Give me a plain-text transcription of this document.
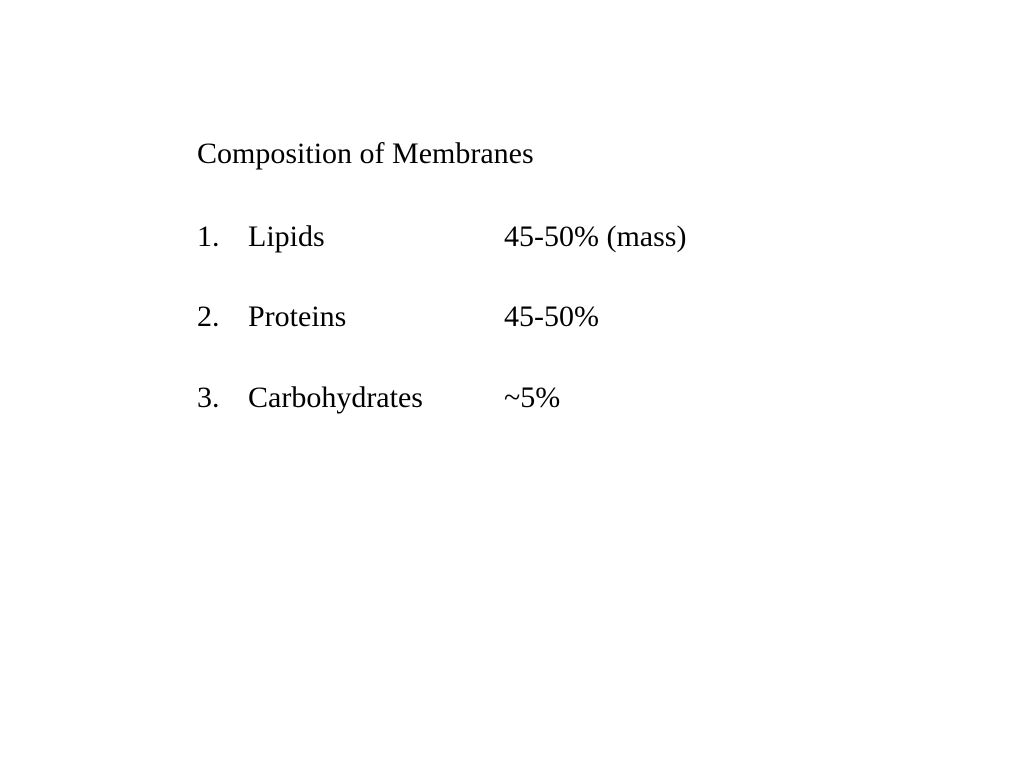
Composition of Membranes
1. Lipids	45-50% (mass)
2. Proteins	45-50%
3. Carbohydrates	~5%
